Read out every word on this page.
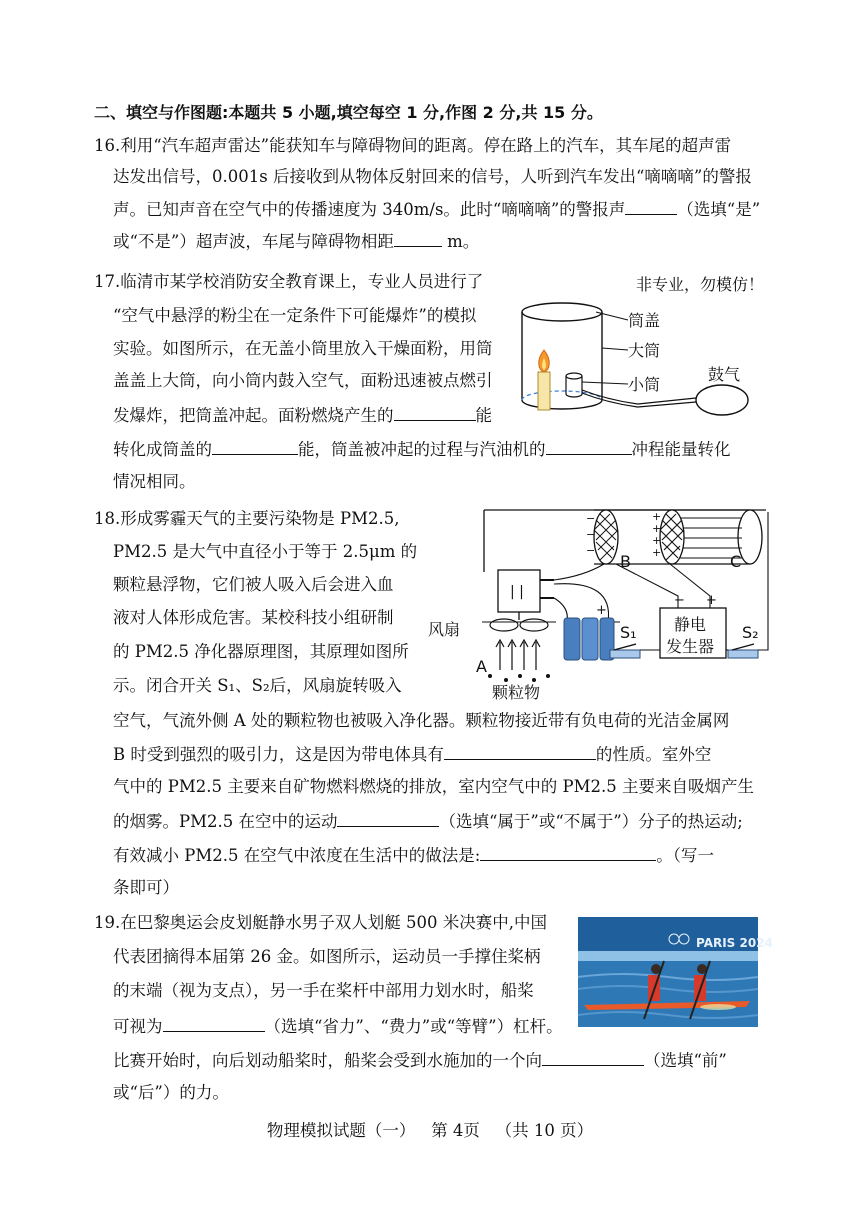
二、填空与作图题:本题共 5 小题,填空每空 1 分,作图 2 分,共 15 分。
16.利用“汽车超声雷达”能获知车与障碍物间的距离。停在路上的汽车，其车尾的超声雷
达发出信号，0.001s 后接收到从物体反射回来的信号，人听到汽车发出“嘀嘀嘀”的警报
声。已知声音在空气中的传播速度为 340m/s。此时“嘀嘀嘀”的警报声	（选填“是”
或“不是”）超声波，车尾与障碍物相距	m。
17.临清市某学校消防安全教育课上，专业人员进行了
“空气中悬浮的粉尘在一定条件下可能爆炸”的模拟
实验。如图所示，在无盖小筒里放入干燥面粉，用筒
盖盖上大筒，向小筒内鼓入空气，面粉迅速被点燃引
发爆炸，把筒盖冲起。面粉燃烧产生的	能
转化成筒盖的	能，筒盖被冲起的过程与汽油机的	冲程能量转化
情况相同。
非专业，勿模仿！
筒盖
大筒
小筒
鼓气
18.形成雾霾天气的主要污染物是 PM2.5,
PM2.5 是大气中直径小于等于 2.5μm 的
颗粒悬浮物，它们被人吸入后会进入血
液对人体形成危害。某校科技小组研制
的 PM2.5 净化器原理图，其原理如图所
示。闭合开关 S₁、S₂后，风扇旋转吸入
空气，气流外侧 A 处的颗粒物也被吸入净化器。颗粒物接近带有负电荷的光洁金属网
B 时受到强烈的吸引力，这是因为带电体具有	的性质。室外空
气中的 PM2.5 主要来自矿物燃料燃烧的排放，室内空气中的 PM2.5 主要来自吸烟产生
的烟雾。PM2.5 在空中的运动	（选填“属于”或“不属于”）分子的热运动;
有效减小 PM2.5 在空气中浓度在生活中的做法是:	。（写一
条即可）
−
−
−
+
+
+
+
B	C
| |
风扇
A
颗粒物
+
S₁ 静电
发生器
− +
S₂
19.在巴黎奥运会皮划艇静水男子双人划艇 500 米决赛中,中国
代表团摘得本届第 26 金。如图所示，运动员一手撑住桨柄
的末端（视为支点），另一手在桨杆中部用力划水时，船桨
可视为	（选填“省力”、“费力”或“等臂”）杠杆。
比赛开始时，向后划动船桨时，船桨会受到水施加的一个向	（选填“前”
或“后”）的力。
PARIS 2024
物理模拟试题（一）   第 4页   （共 10 页）
